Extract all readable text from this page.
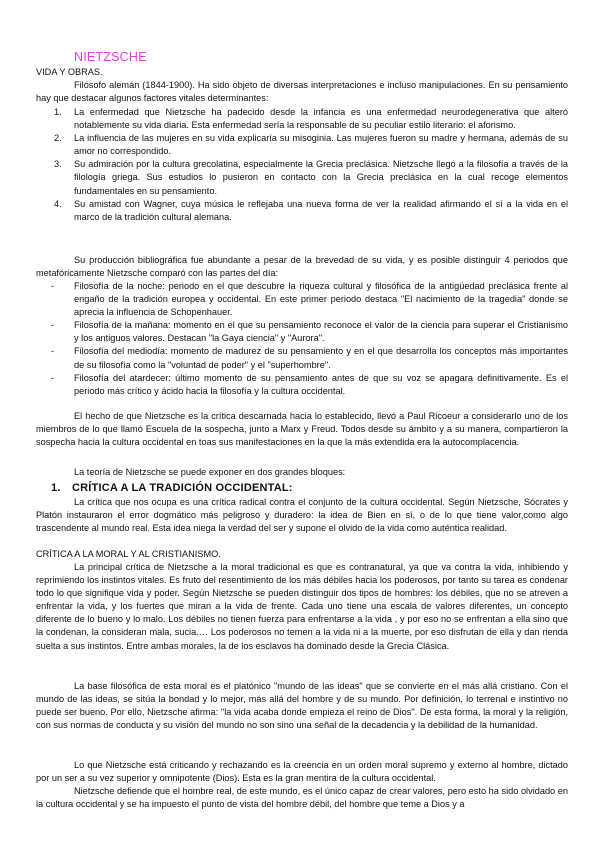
NIETZSCHE
VIDA Y OBRAS.

Filósofo alemán (1844-1900). Ha sido objeto de diversas interpretaciones e incluso manipulaciones. En su pensamiento hay que destacar algunos factores vitales determinantes:

1. La enfermedad que Nietzsche ha padecido desde la infancia es una enfermedad neurodegenerativa que alteró notablemente su vida diaria. Esta enfermedad sería la responsable de su peculiar estilo literario: el aforismo.
2. La influencia de las mujeres en su vida explicaría su misoginia. Las mujeres fueron su madre y hermana, además de su amor no correspondido.
3. Su admiración por la cultura grecolatina, especialmente la Grecia preclásica. Nietzsche llegó a la filosofía a través de la filología griega. Sus estudios lo pusieron en contacto con la Grecia preclásica en la cual recoge elementos fundamentales en su pensamiento.
4. Su amistad con Wagner, cuya música le reflejaba una nueva forma de ver la realidad afirmando el sí a la vida en el marco de la tradición cultural alemana.

Su producción bibliográfica fue abundante a pesar de la brevedad de su vida, y es posible distinguir 4 periodos que metafóricamente Nietzsche comparó con las partes del día:

- Filosofía de la noche: periodo en el que descubre la riqueza cultural y filosófica de la antigüedad preclásica frente al engaño de la tradición europea y occidental. En este primer periodo destaca "El nacimiento de la tragedia" donde se aprecia la influencia de Schopenhauer.
- Filosofía de la mañana: momento en el que su pensamiento reconoce el valor de la ciencia para superar el Cristianismo y los antiguos valores. Destacan "la Gaya ciencia" y "Aurora".
- Filosofía del mediodía: momento de madurez de su pensamiento y en el que desarrolla los conceptos más importantes de su filosofía como la "voluntad de poder" y el "superhombre".
- Filosofía del atardecer: último momento de su pensamiento antes de que su voz se apagara definitivamente. Es el periodo más crítico y ácido hacia la filosofía y la cultura occidental.

El hecho de que Nietzsche es la crítica descarnada hacia lo establecido, llevó a Paul Ricoeur a considerarlo uno de los miembros de lo que llamó Escuela de la sospecha, junto a Marx y Freud. Todos desde su ámbito y a su manera, compartieron la sospecha hacia la cultura occidental en toas sus manifestaciones en la que la más extendida era la autocomplacencia.

La teoría de Nietzsche se puede exponer en dos grandes bloques:

1. CRÍTICA A LA TRADICIÓN OCCIDENTAL:

La crítica que nos ocupa es una crítica radical contra el conjunto de la cultura occidental. Según Nietzsche, Sócrates y Platón instauraron el error dogmático más peligroso y duradero: la idea de Bien en sí, o de lo que tiene valor,como algo trascendente al mundo real. Esta idea niega la verdad del ser y supone el olvido de la vida como auténtica realidad.

CRÍTICA A LA MORAL Y AL CRISTIANISMO.

La principal crítica de Nietzsche a la moral tradicional es que es contranatural, ya que va contra la vida, inhibiendo y reprimiendo los instintos vitales. Es fruto del resentimiento de los más débiles hacia los poderosos, por tanto su tarea es condenar todo lo que signifique vida y poder. Según Nietzsche se pueden distinguir dos tipos de hombres: los débiles, que no se atreven a enfrentar la vida, y los fuertes que miran a la vida de frente. Cada uno tiene una escala de valores diferentes, un concepto diferente de lo bueno y lo malo. Los débiles no tienen fuerza para enfrentarse a la vida , y por eso no se enfrentan a ella sino que la condenan, la consideran mala, sucia…. Los poderosos no temen a la vida ni a la muerte, por eso disfrutan de ella y dan rienda suelta a sus instintos. Entre ambas morales, la de los esclavos ha dominado desde la Grecia Clásica.

La base filosófica de esta moral es el platónico "mundo de las ideas" que se convierte en el más allá cristiano. Con el mundo de las ideas, se sitúa la bondad y lo mejor, más allá del hombre y de su mundo. Por definición, lo terrenal e instintivo no puede ser bueno. Por ello, Nietzsche afirma: "la vida acaba donde empieza el reino de Dios". De esta forma, la moral y la religión, con sus normas de conducta y su visión del mundo no son sino una señal de la decadencia y la debilidad de la humanidad.

Lo que Nietzsche está criticando y rechazando es la creencia en un orden moral supremo y externo al hombre, dictado por un ser a su vez superior y omnipotente (Dios). Esta es la gran mentira de la cultura occidental.

Nietzsche defiende que el hombre real, de este mundo, es el único capaz de crear valores, pero esto ha sido olvidado en la cultura occidental y se ha impuesto el punto de vista del hombre débil, del hombre que teme a Dios y a
